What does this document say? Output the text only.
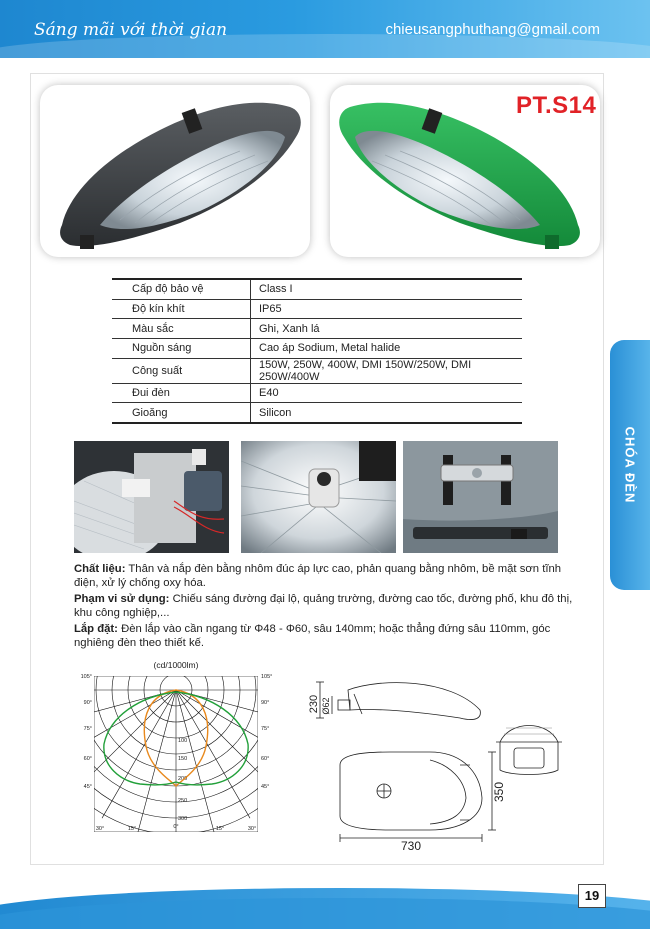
Sáng mãi với thời gian	chieusangphuthang@gmail.com
PT.S14
Cấp độ bảo vệ	Class I
Độ kín khít	IP65
Màu sắc	Ghi, Xanh lá
Nguồn sáng	Cao áp Sodium, Metal halide
Công suất	150W, 250W, 400W, DMI 150W/250W, DMI 250W/400W
Đui đèn	E40
Gioăng	Silicon
Chất liệu: Thân và nắp đèn bằng nhôm đúc áp lực cao, phản quang bằng nhôm, bề mặt sơn tĩnh điện, xử lý chống oxy hóa.
Phạm vi sử dụng: Chiếu sáng đường đại lộ, quảng trường, đường cao tốc, đường phố, khu đô thị, khu công nghiệp,...
Lắp đặt: Đèn lắp vào cần ngang từ Φ48 - Φ60, sâu 140mm; hoặc thẳng đứng sâu 110mm, góc nghiêng đèn theo thiết kế.
(cd/1000lm)
105°
90°
75°
60°
45°
105°
90°
75°
60°
45°
30°	15°	0°	15°	30°
100
150
200
250
300
230 Ø62
350
730
CHÓA ĐÈN
19
